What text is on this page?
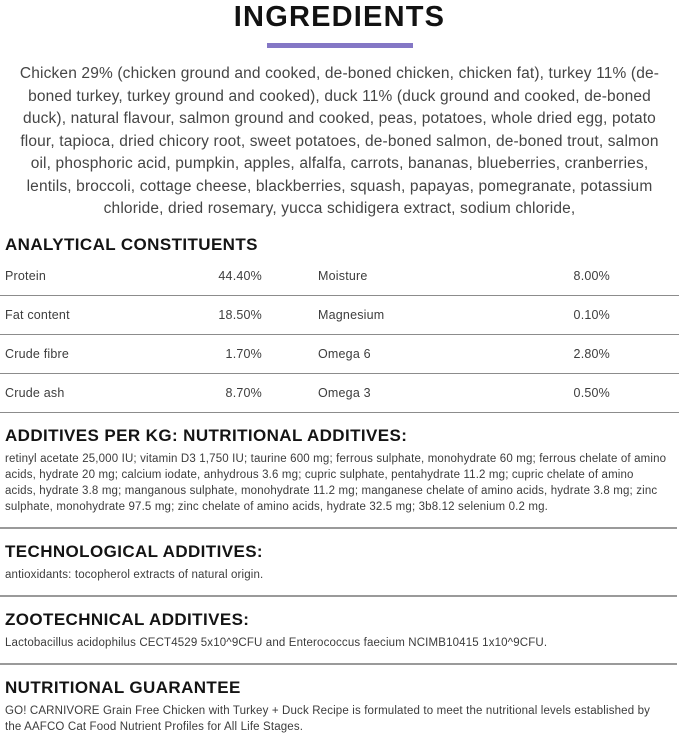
INGREDIENTS

Chicken 29% (chicken ground and cooked, de-boned chicken, chicken fat), turkey 11% (de-boned turkey, turkey ground and cooked), duck 11% (duck ground and cooked, de-boned duck), natural flavour, salmon ground and cooked, peas, potatoes, whole dried egg, potato flour, tapioca, dried chicory root, sweet potatoes, de-boned salmon, de-boned trout, salmon oil, phosphoric acid, pumpkin, apples, alfalfa, carrots, bananas, blueberries, cranberries, lentils, broccoli, cottage cheese, blackberries, squash, papayas, pomegranate, potassium chloride, dried rosemary, yucca schidigera extract, sodium chloride,

ANALYTICAL CONSTITUENTS
Protein	44.40%	Moisture	8.00%
Fat content	18.50%	Magnesium	0.10%
Crude fibre	1.70%	Omega 6	2.80%
Crude ash	8.70%	Omega 3	0.50%
ADDITIVES PER KG: NUTRITIONAL ADDITIVES:

retinyl acetate 25,000 IU; vitamin D3 1,750 IU; taurine 600 mg; ferrous sulphate, monohydrate 60 mg; ferrous chelate of amino acids, hydrate 20 mg; calcium iodate, anhydrous 3.6 mg; cupric sulphate, pentahydrate 11.2 mg; cupric chelate of amino acids, hydrate 3.8 mg; manganous sulphate, monohydrate 11.2 mg; manganese chelate of amino acids, hydrate 3.8 mg; zinc sulphate, monohydrate 97.5 mg; zinc chelate of amino acids, hydrate 32.5 mg; 3b8.12 selenium 0.2 mg.

TECHNOLOGICAL ADDITIVES:

antioxidants: tocopherol extracts of natural origin.

ZOOTECHNICAL ADDITIVES:

Lactobacillus acidophilus CECT4529 5x10^9CFU and Enterococcus faecium NCIMB10415 1x10^9CFU.

NUTRITIONAL GUARANTEE

GO! CARNIVORE Grain Free Chicken with Turkey + Duck Recipe is formulated to meet the nutritional levels established by the AAFCO Cat Food Nutrient Profiles for All Life Stages.
